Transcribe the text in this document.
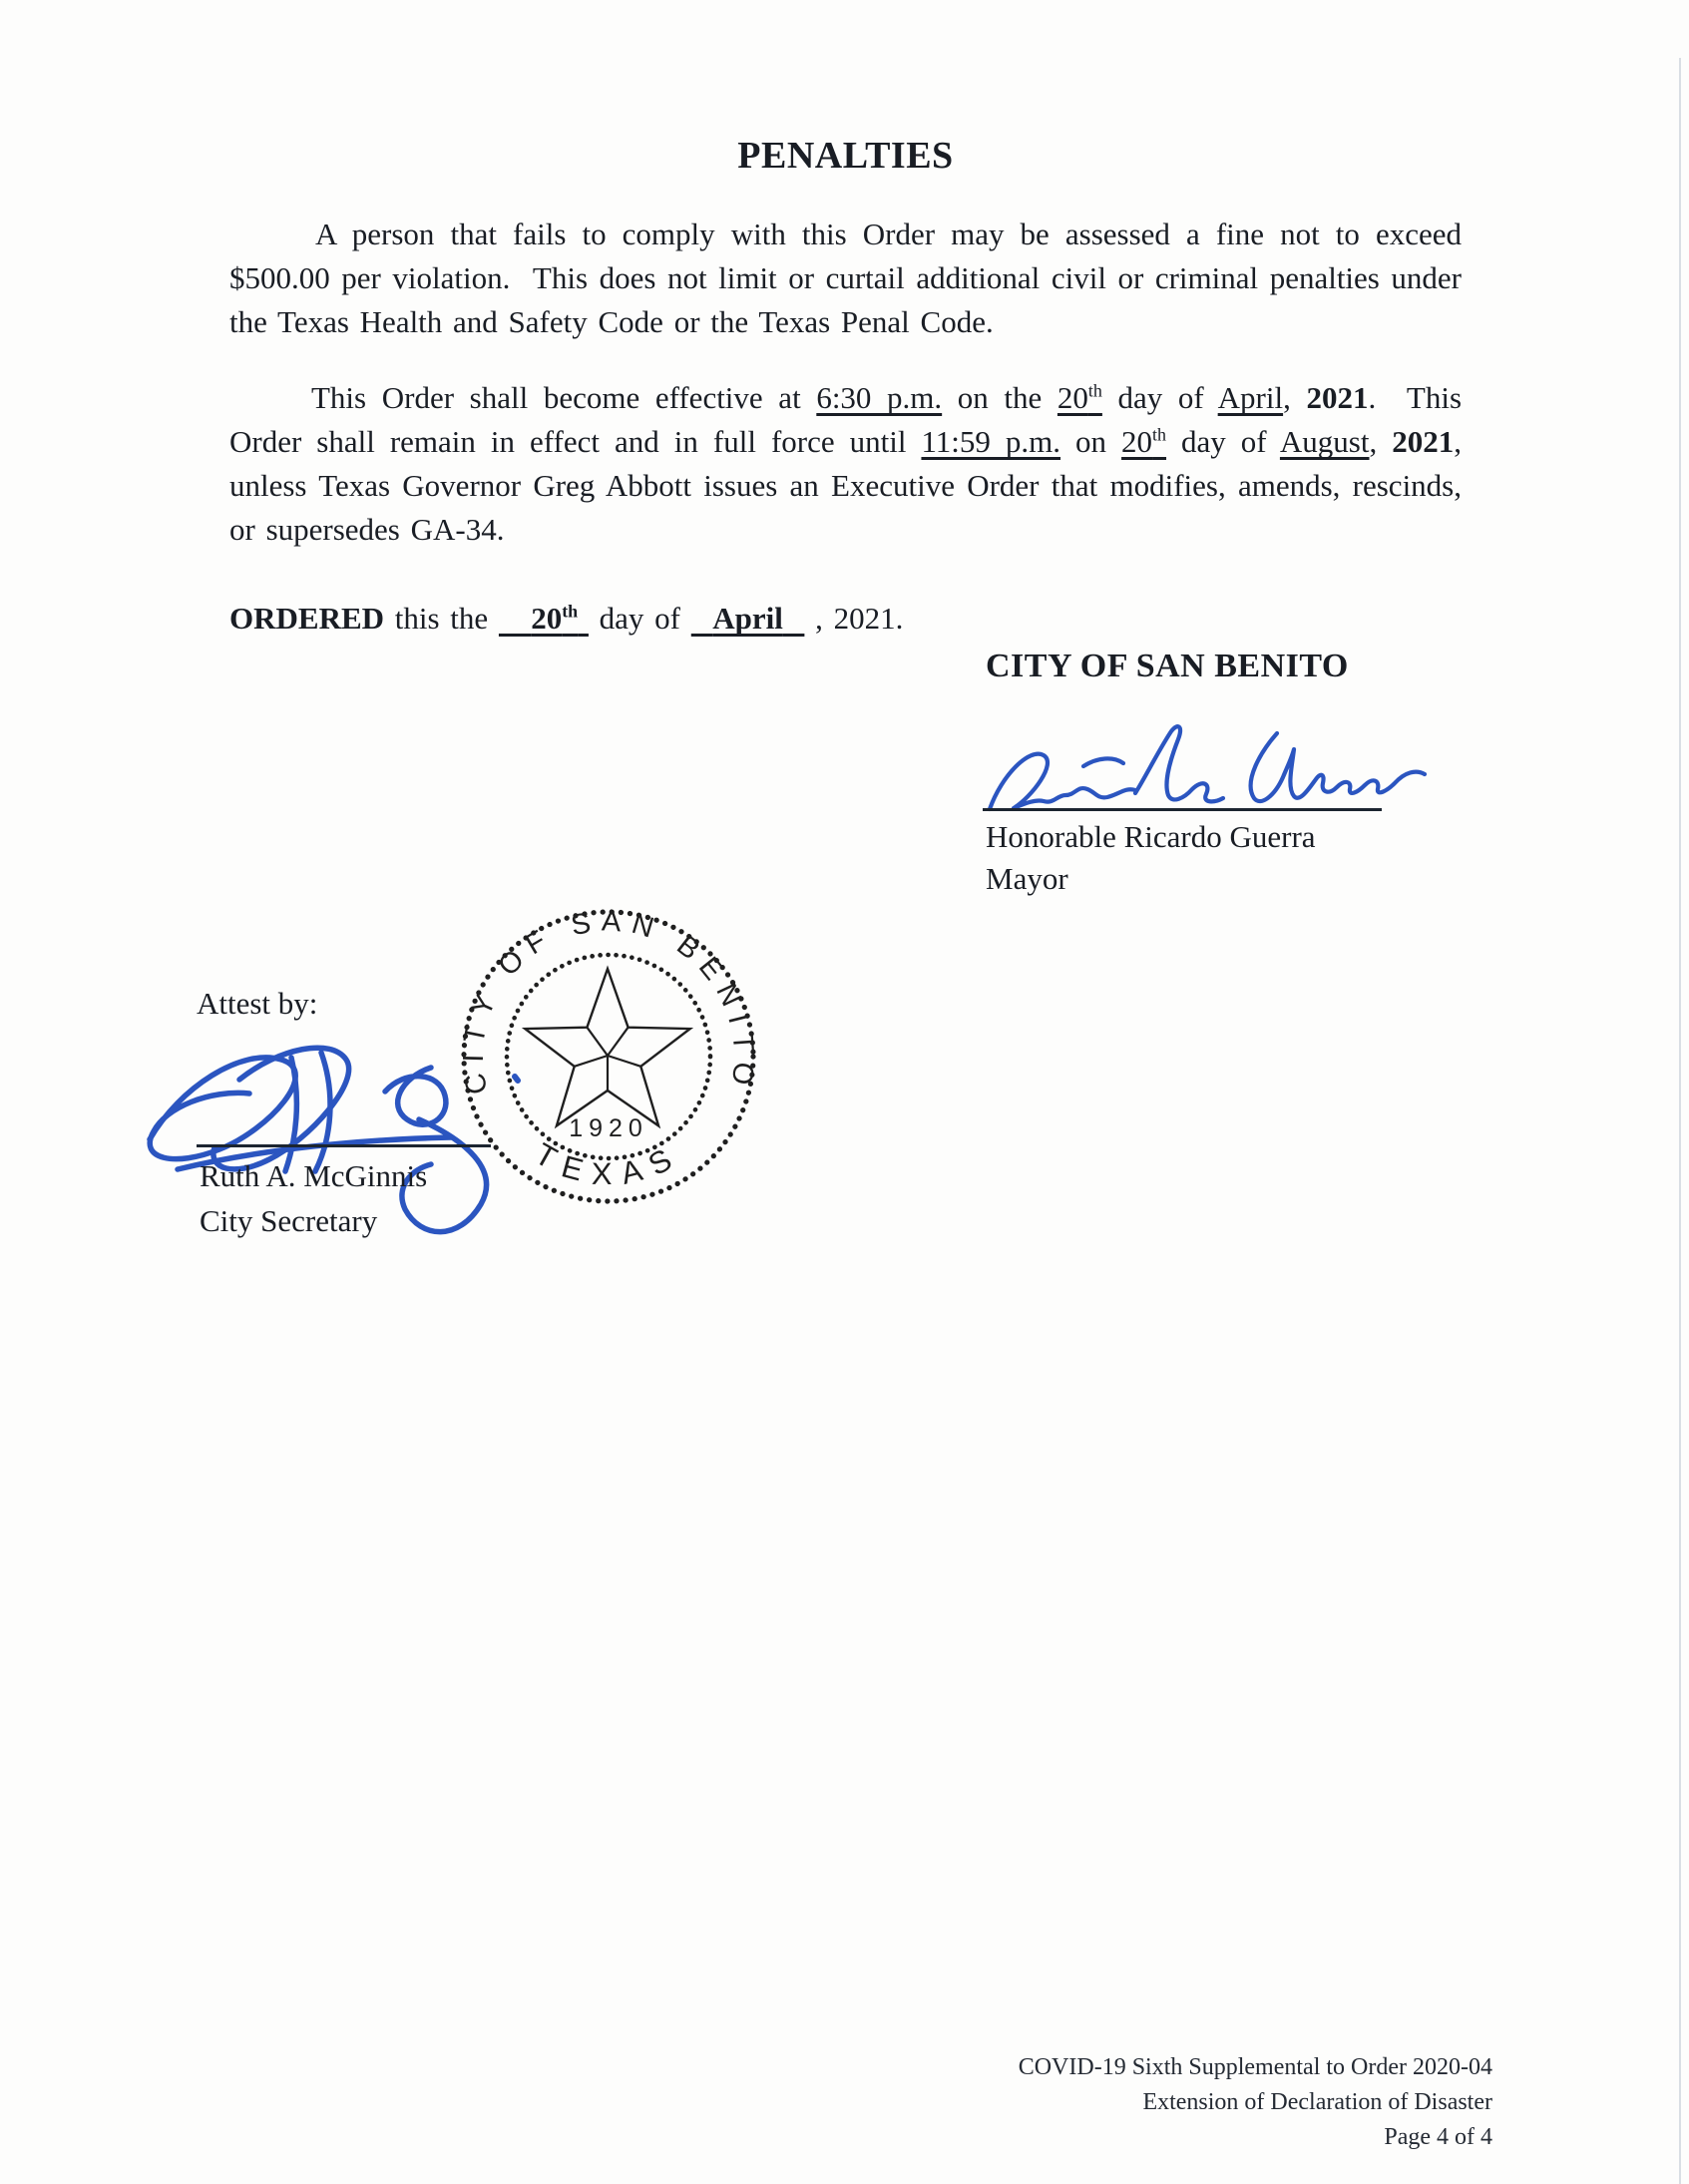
PENALTIES

A person that fails to comply with this Order may be assessed a fine not to exceed $500.00 per violation.  This does not limit or curtail additional civil or criminal penalties under the Texas Health and Safety Code or the Texas Penal Code.

This Order shall become effective at 6:30 p.m. on the 20th day of April, 2021.  This Order shall remain in effect and in full force until 11:59 p.m. on 20th day of August, 2021, unless Texas Governor Greg Abbott issues an Executive Order that modifies, amends, rescinds, or supersedes GA-34.

ORDERED this the    20th  day of   April   , 2021.

CITY OF SAN BENITO
Honorable Ricardo Guerra
Mayor
Attest by:
Ruth A. McGinnis
City Secretary
CITY OF SAN BENITO
TEXAS
1920
COVID-19 Sixth Supplemental to Order 2020-04
Extension of Declaration of Disaster
Page 4 of 4
